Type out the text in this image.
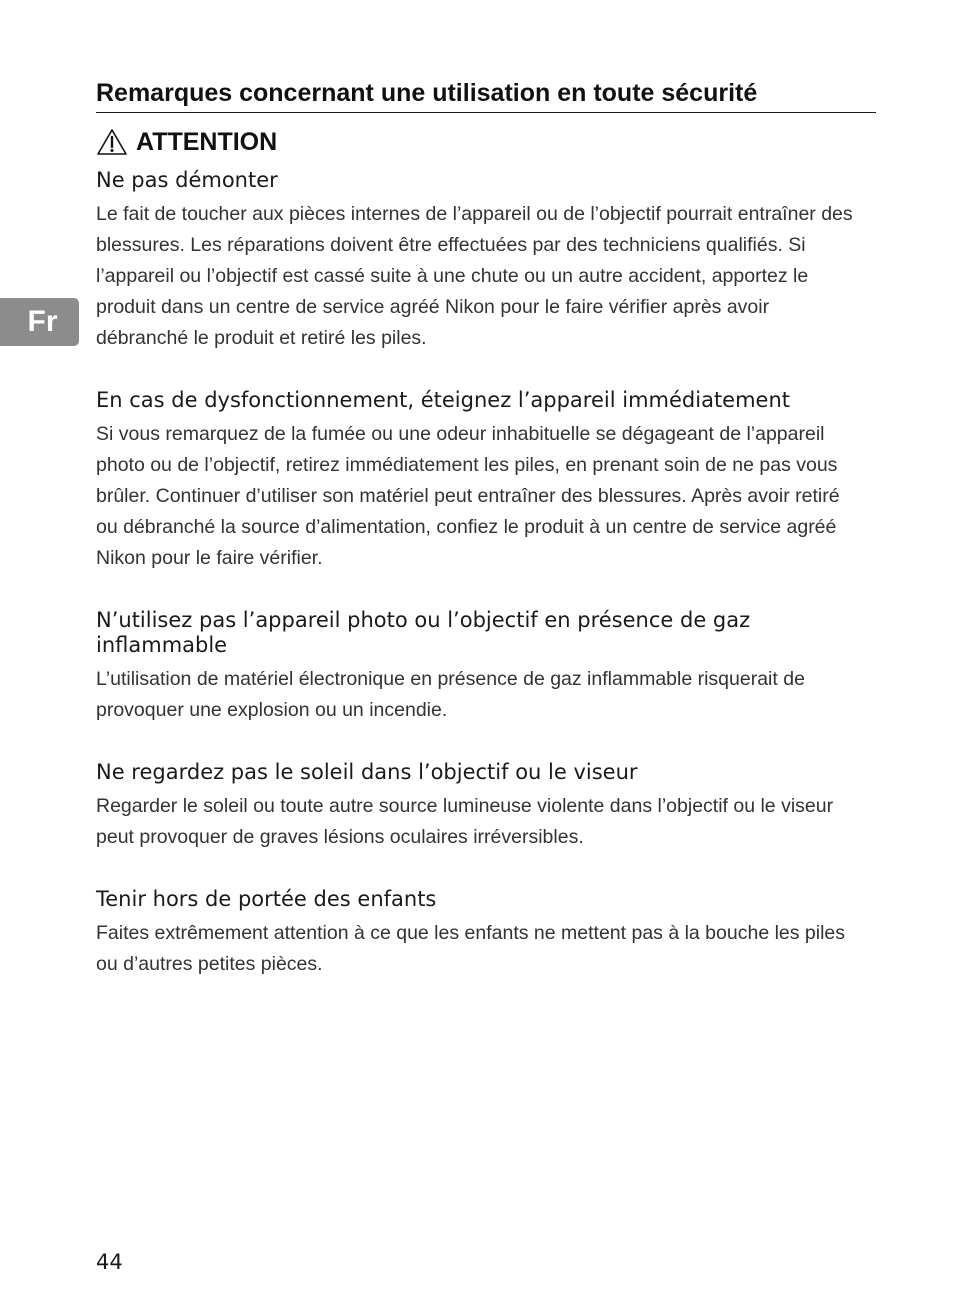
Fr
Remarques concernant une utilisation en toute sécurité
ATTENTION
Ne pas démonter

Le fait de toucher aux pièces internes de l’appareil ou de l’objectif pourrait entraîner des blessures. Les réparations doivent être effectuées par des techniciens qualifiés. Si l’appareil ou l’objectif est cassé suite à une chute ou un autre accident, apportez le produit dans un centre de service agréé Nikon pour le faire vérifier après avoir débranché le produit et retiré les piles.

En cas de dysfonctionnement, éteignez l’appareil immédiatement

Si vous remarquez de la fumée ou une odeur inhabituelle se dégageant de l’appareil photo ou de l’objectif, retirez immédiatement les piles, en prenant soin de ne pas vous brûler. Continuer d’utiliser son matériel peut entraîner des blessures. Après avoir retiré ou débranché la source d’alimentation, confiez le produit à un centre de service agréé Nikon pour le faire vérifier.

N’utilisez pas l’appareil photo ou l’objectif en présence de gaz inflammable

L’utilisation de matériel électronique en présence de gaz inflammable risquerait de provoquer une explosion ou un incendie.

Ne regardez pas le soleil dans l’objectif ou le viseur

Regarder le soleil ou toute autre source lumineuse violente dans l’objectif ou le viseur peut provoquer de graves lésions oculaires irréversibles.

Tenir hors de portée des enfants

Faites extrêmement attention à ce que les enfants ne mettent pas à la bouche les piles ou d’autres petites pièces.

44
